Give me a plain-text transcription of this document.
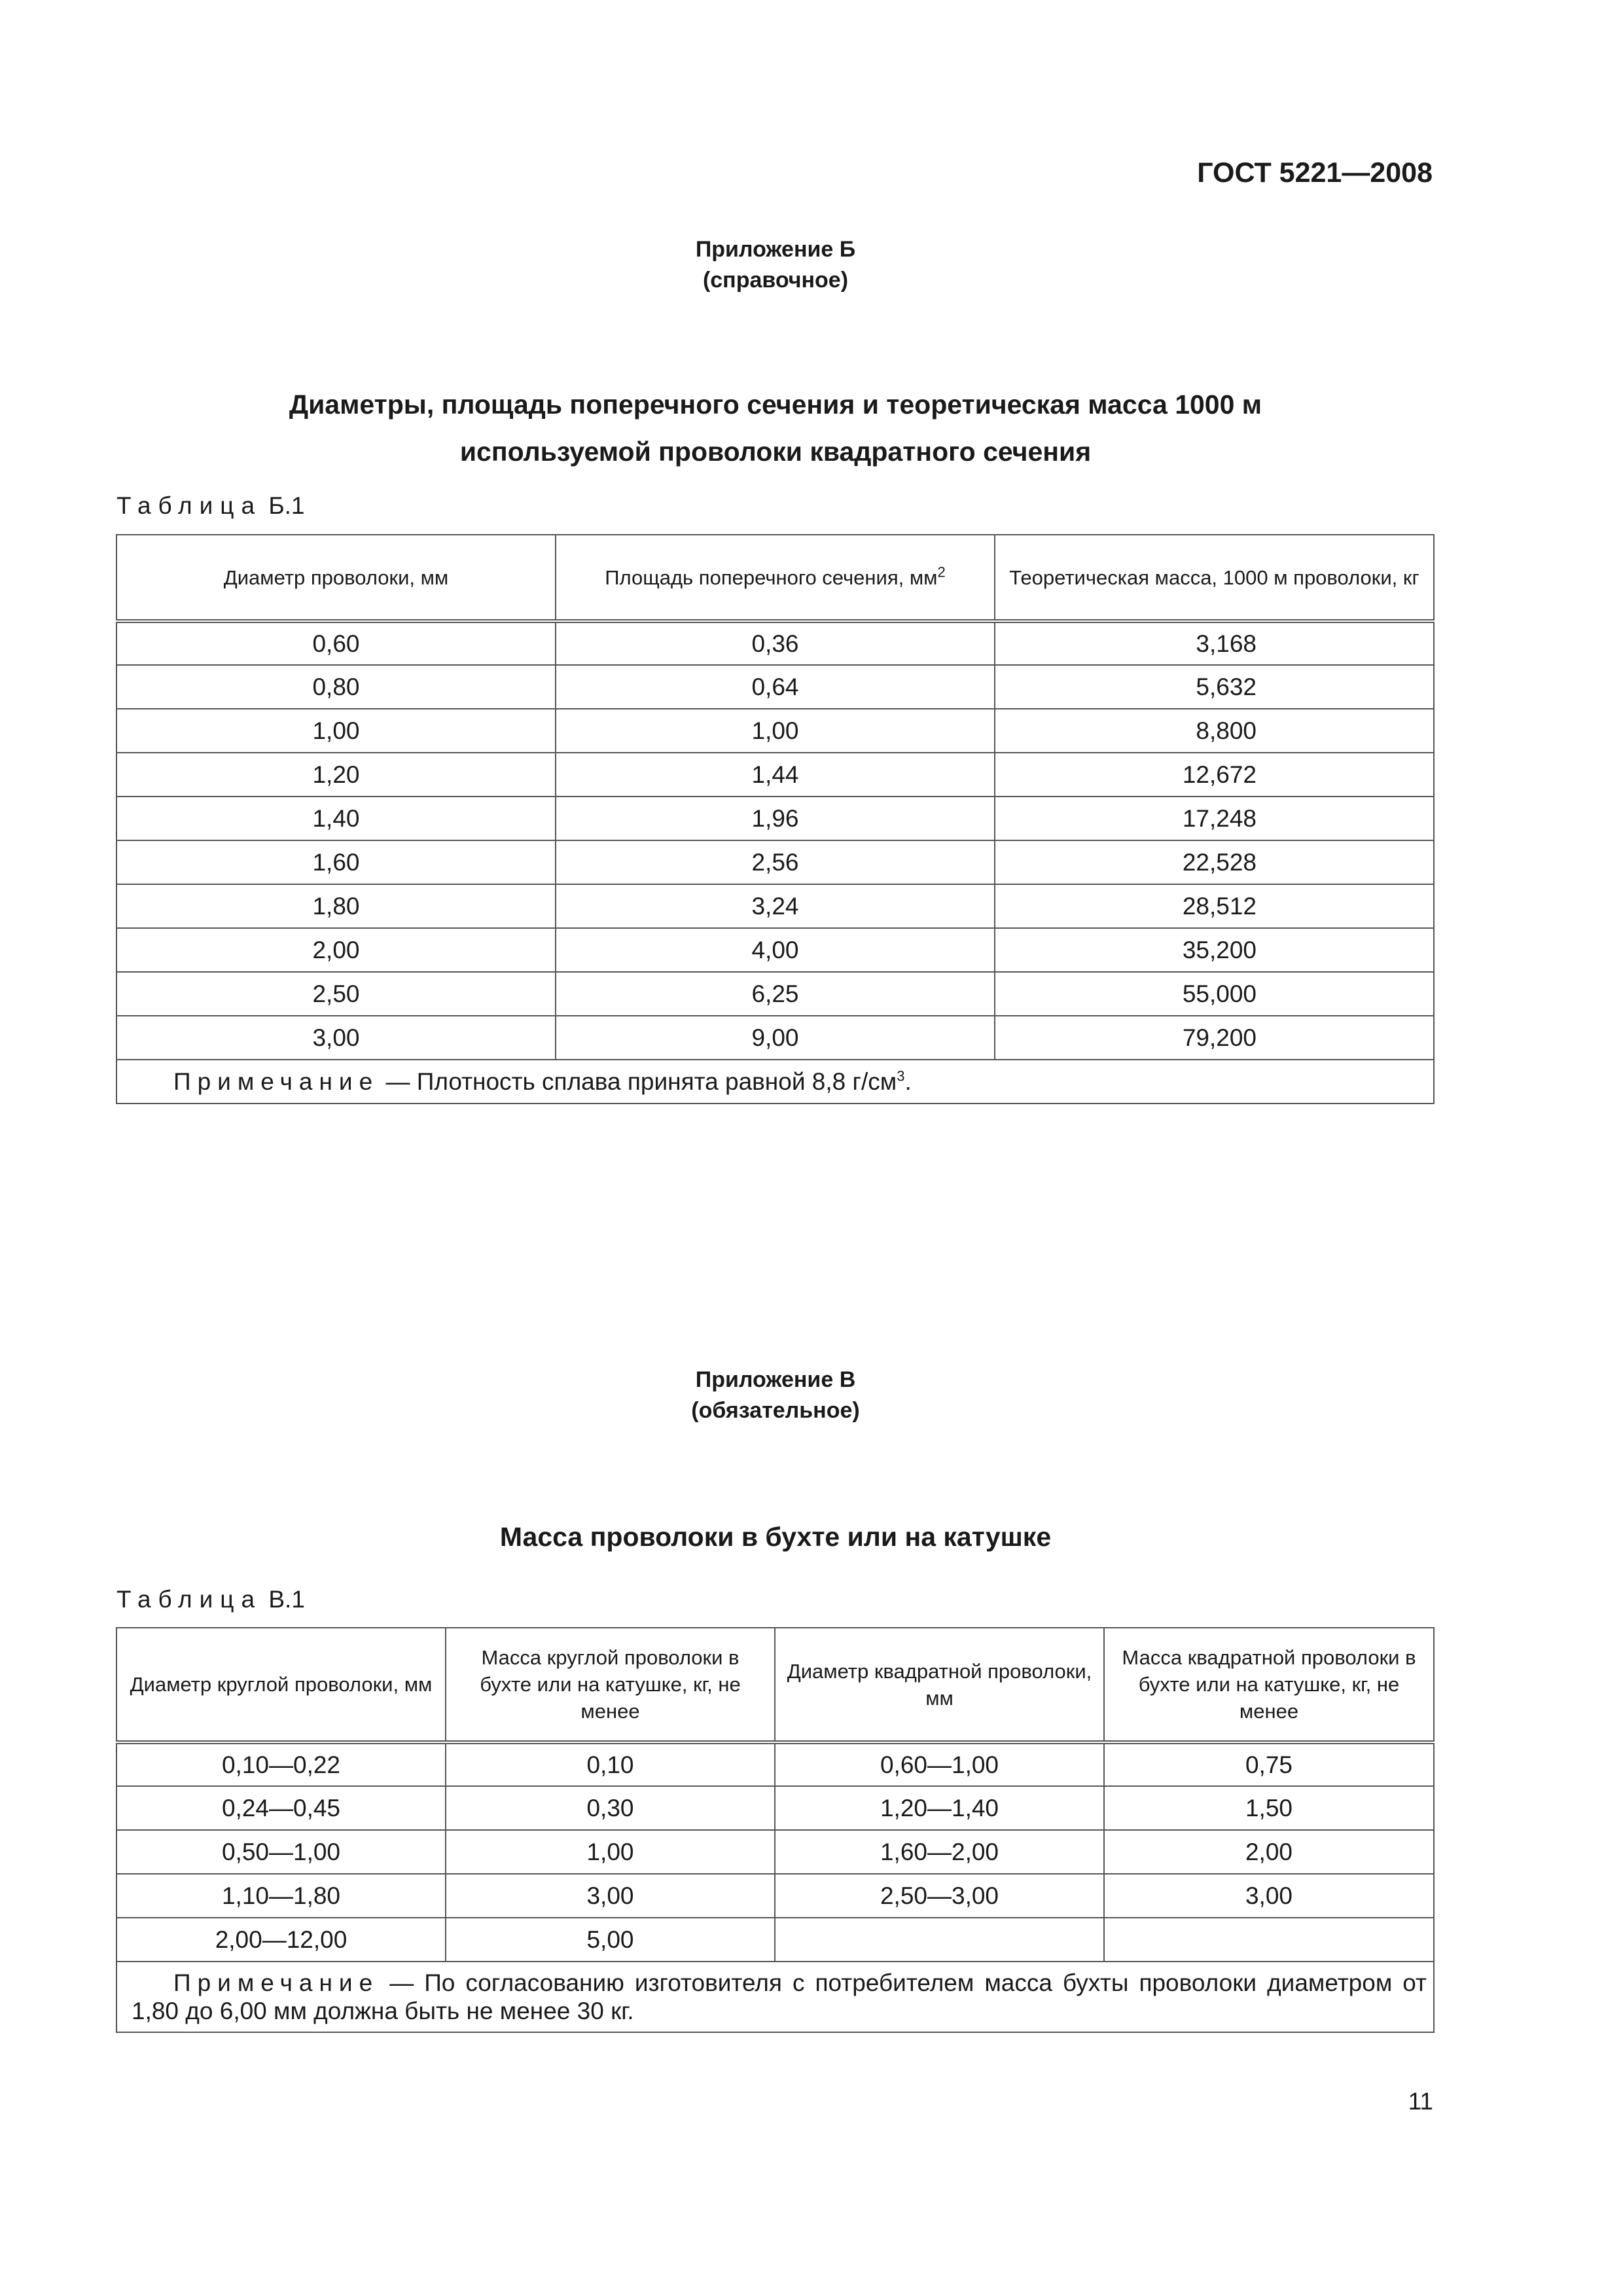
ГОСТ 5221—2008
Приложение Б
(справочное)
Диаметры, площадь поперечного сечения и теоретическая масса 1000 м
используемой проволоки квадратного сечения
Таблица Б.1
Диаметр проволоки, мм	Площадь поперечного сечения, $мм^2$	Теоретическая масса, 1000 м проволоки, кг
0,60	0,36	3,168
0,80	0,64	5,632
1,00	1,00	8,800
1,20	1,44	12,672
1,40	1,96	17,248
1,60	2,56	22,528
1,80	3,24	28,512
2,00	4,00	35,200
2,50	6,25	55,000
3,00	9,00	79,200
Примечание — Плотность сплава принята равной 8,8 $г/см^3$.		
Приложение В
(обязательное)
Масса проволоки в бухте или на катушке
Таблица В.1
Диаметр круглой проволоки, мм	Масса круглой проволоки в бухте или на катушке, кг, не менее	Диаметр квадратной проволоки, мм	Масса квадратной проволоки в бухте или на катушке, кг, не менее
0,10—0,22	0,10	0,60—1,00	0,75
0,24—0,45	0,30	1,20—1,40	1,50
0,50—1,00	1,00	1,60—2,00	2,00
1,10—1,80	3,00	2,50—3,00	3,00
2,00—12,00	5,00		
Примечание — По согласованию изготовителя с потребителем масса бухты проволоки диаметром от 1,80 до 6,00 мм должна быть не менее 30 кг.			
11
